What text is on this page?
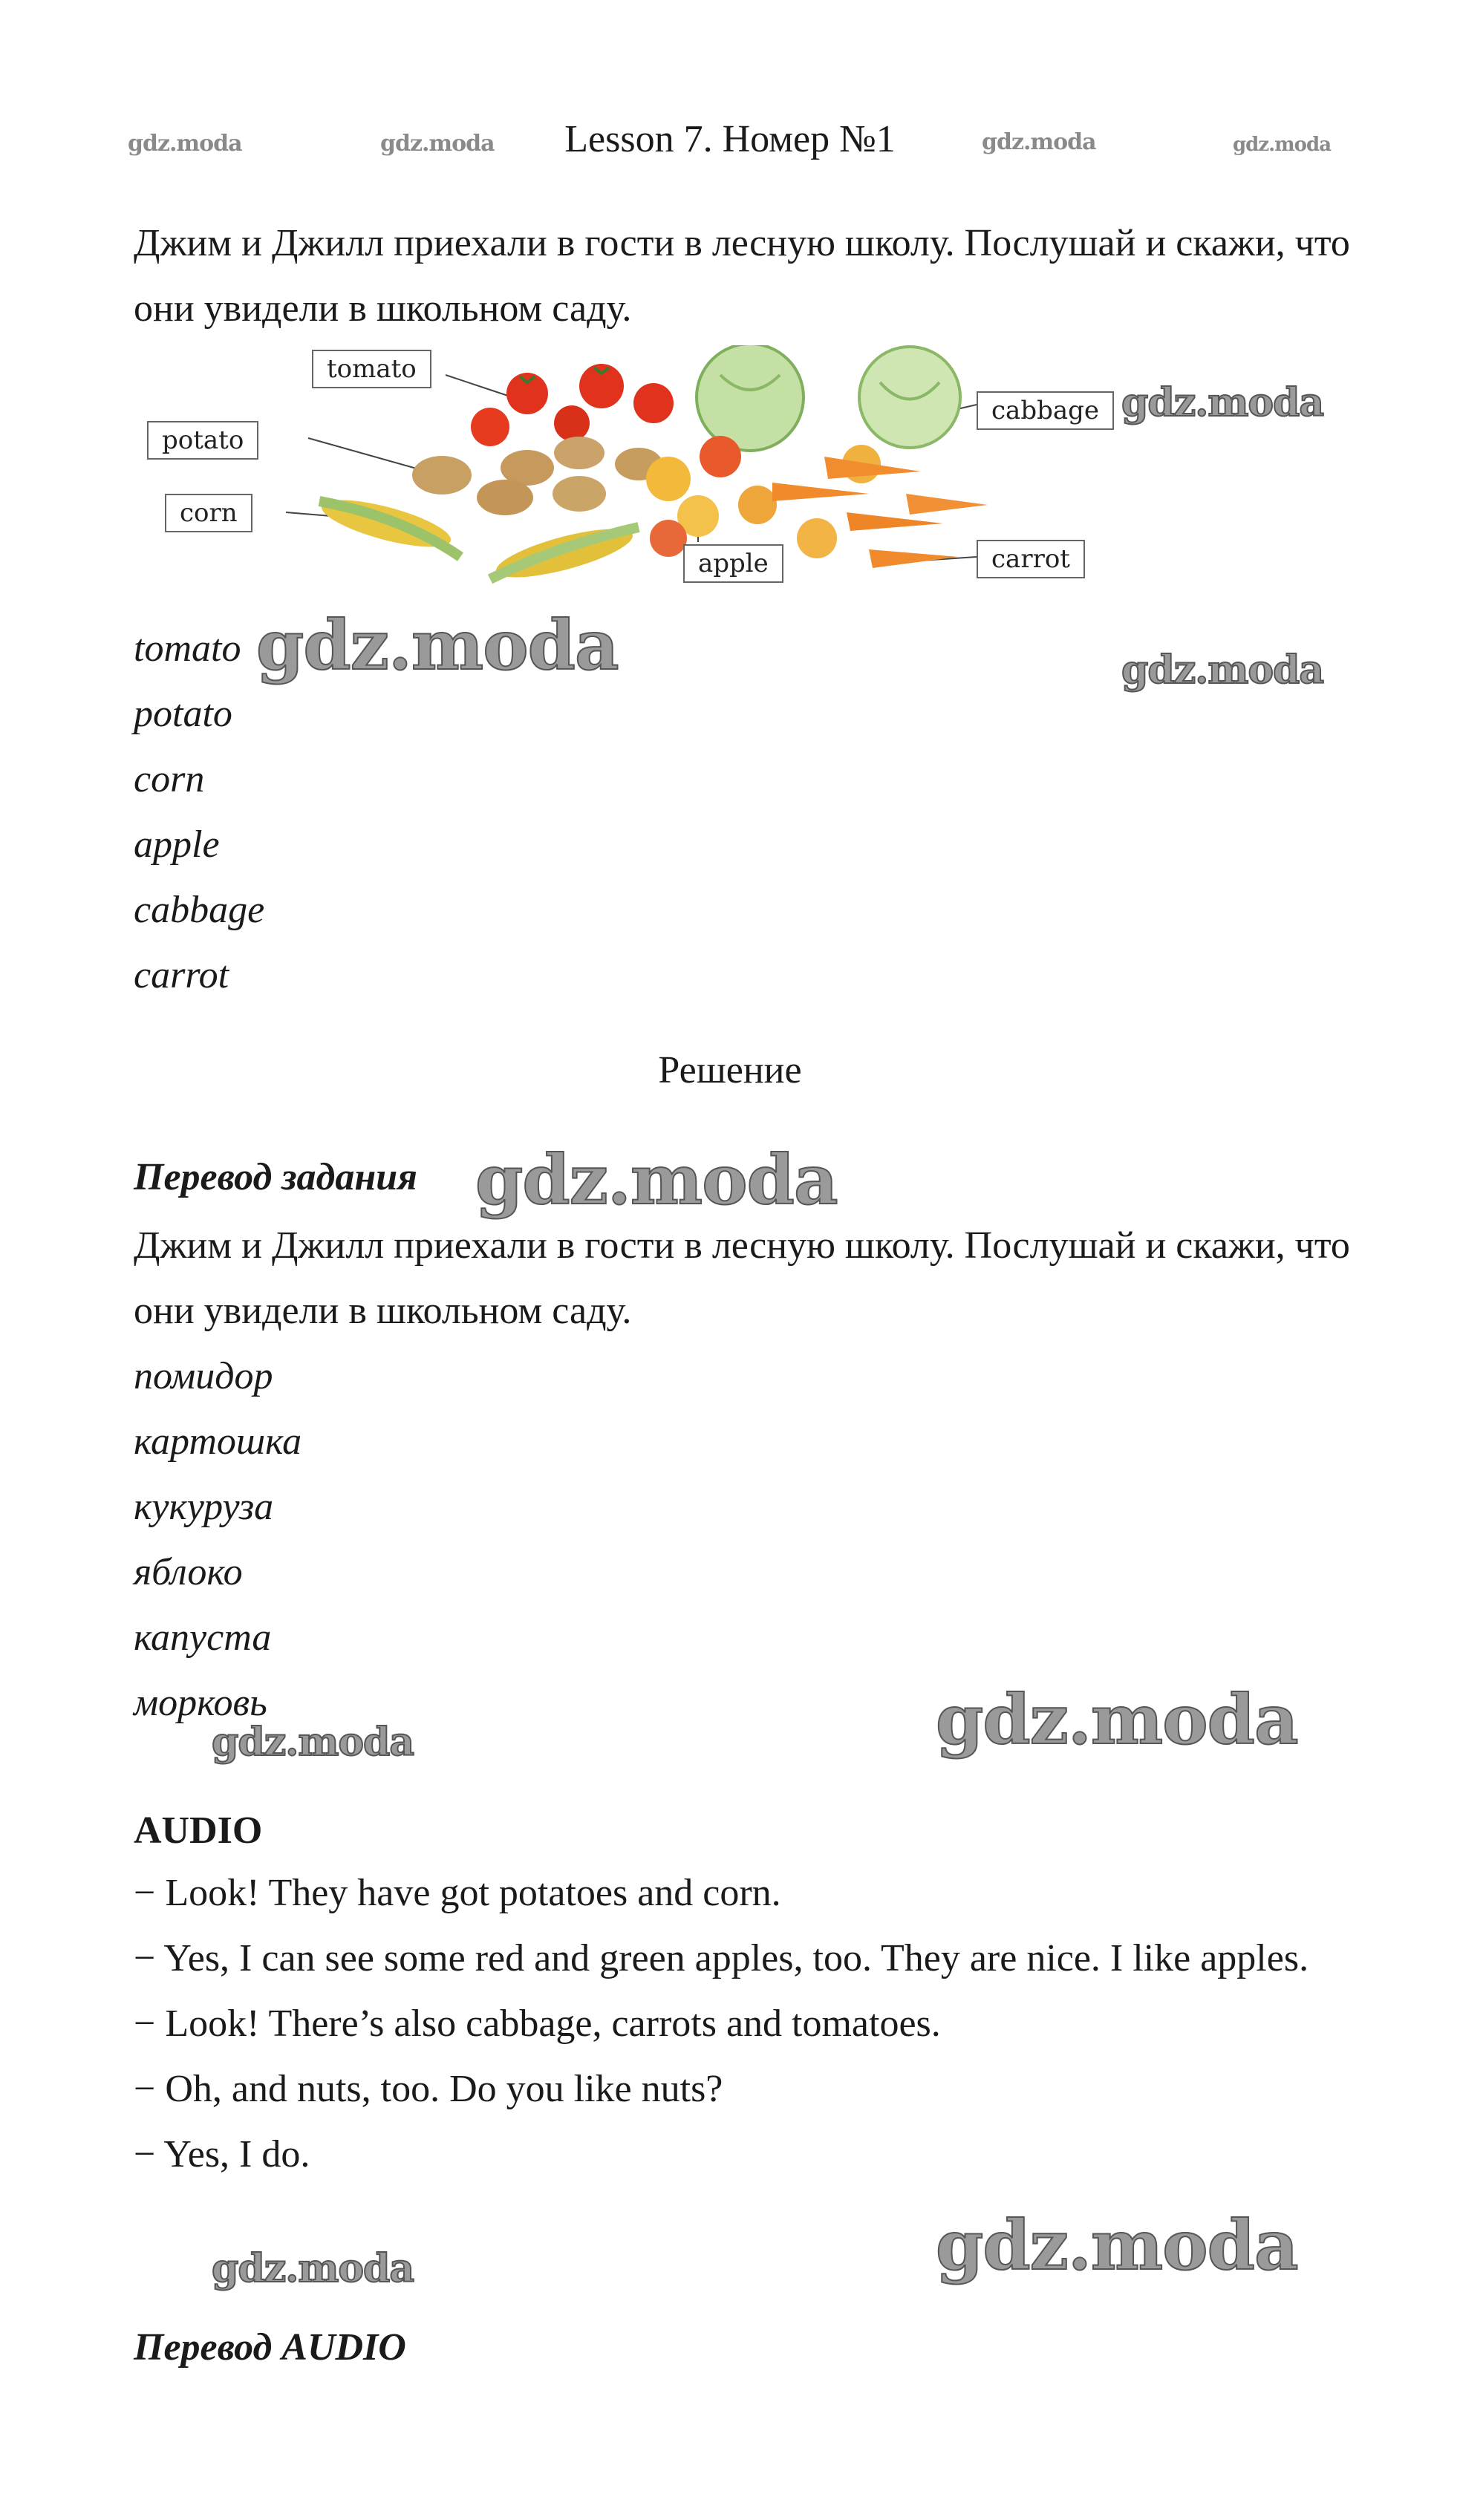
gdz.moda	gdz.moda	Lesson 7. Номер №1	gdz.moda	gdz.moda
Джим и Джилл приехали в гости в лесную школу. Послушай и скажи, что они увидели в школьном саду.
tomato
potato
corn
apple
cabbage
carrot
gdz.moda
tomato
potato
corn
apple
cabbage
carrot
gdz.moda	gdz.moda
Решение
Перевод задания gdz.moda
Джим и Джилл приехали в гости в лесную школу. Послушай и скажи, что они увидели в школьном саду.
помидор
картошка
кукуруза
яблоко
капуста
морковь
gdz.moda	gdz.moda
AUDIO
− Look! They have got potatoes and corn.
− Yes, I can see some red and green apples, too. They are nice. I like apples.
− Look! There’s also cabbage, carrots and tomatoes.
− Oh, and nuts, too. Do you like nuts?
− Yes, I do.
gdz.moda	gdz.moda
Перевод AUDIO
